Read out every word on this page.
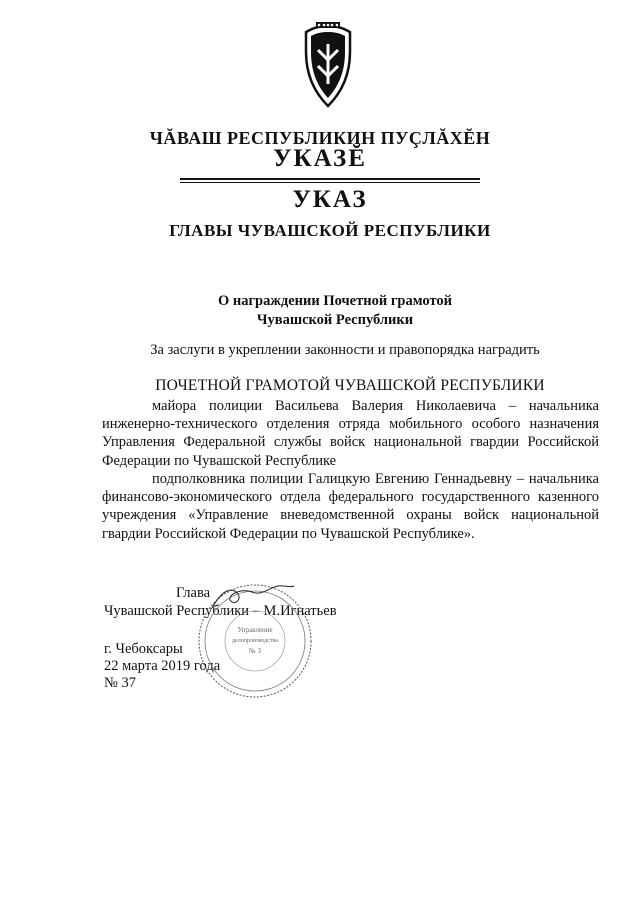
ЧĂВАШ РЕСПУБЛИКИН ПУÇЛĂХĔН
УКАЗĔ
УКАЗ
ГЛАВЫ ЧУВАШСКОЙ РЕСПУБЛИКИ
О награждении Почетной грамотой
Чувашской Республики
За заслуги в укреплении законности и правопорядка наградить
ПОЧЕТНОЙ ГРАМОТОЙ ЧУВАШСКОЙ РЕСПУБЛИКИ

майора полиции Васильева Валерия Николаевича – начальника инженерно-технического отделения отряда мобильного особого назначения Управления Федеральной службы войск национальной гвардии Российской Федерации по Чувашской Республике

подполковника полиции Галицкую Евгению Геннадьевну – начальника финансово-экономического отдела федерального государственного казенного учреждения «Управление вневедомственной охраны войск национальной гвардии Российской Федерации по Чувашской Республике».

Глава
Чувашской Республики – М.Игнатьев
г. Чебоксары
22 марта 2019 года
№ 37
Управление
делопроизводства
№ 3
